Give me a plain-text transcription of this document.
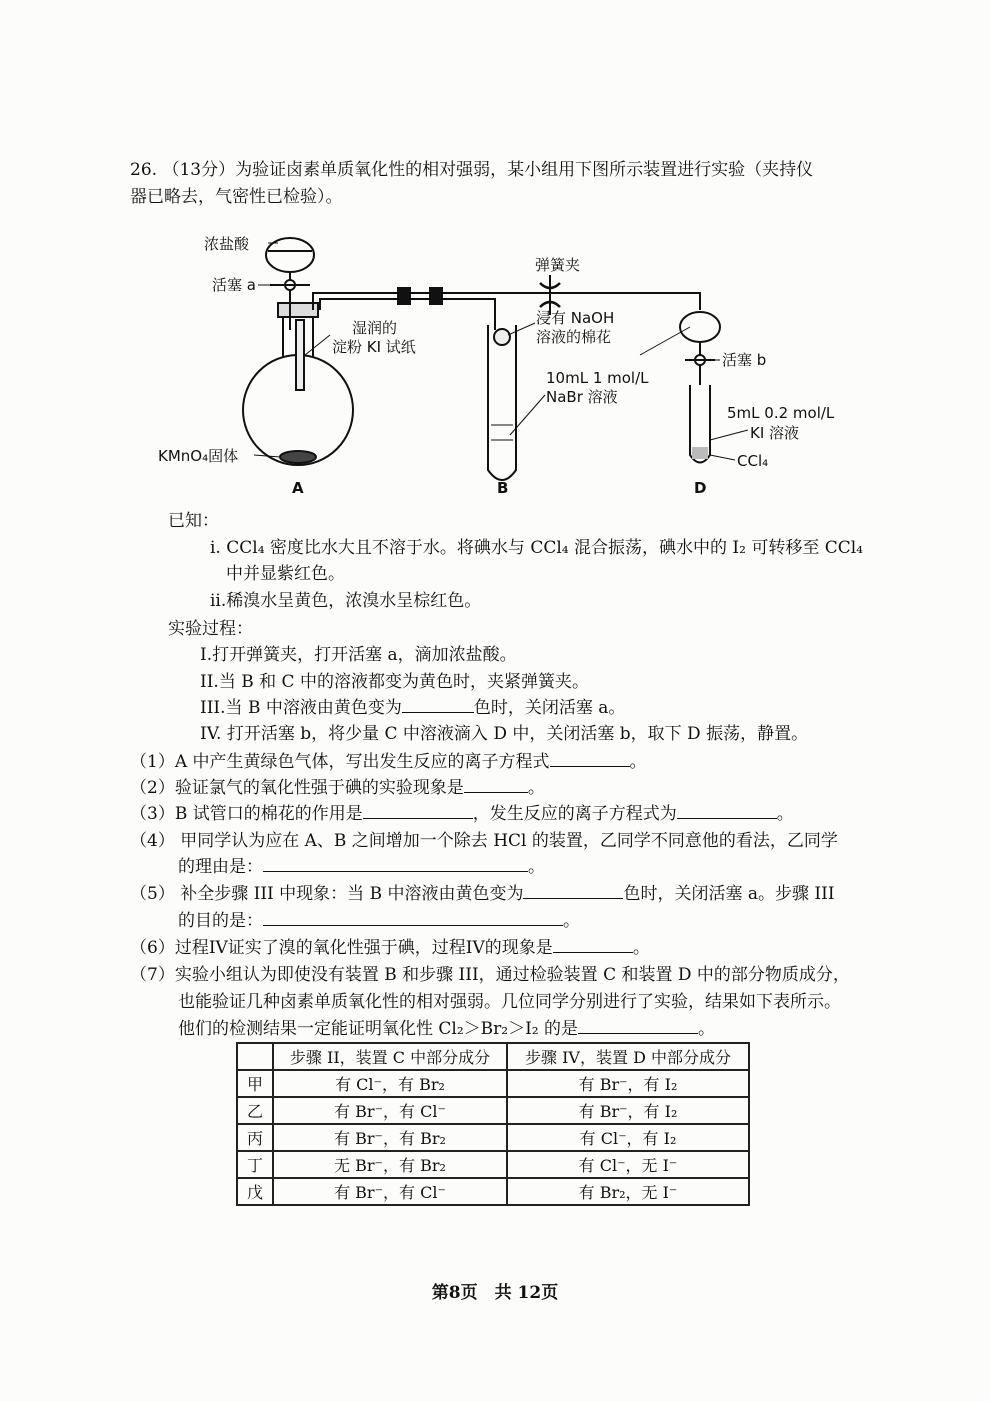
26. （13分）为验证卤素单质氧化性的相对强弱，某小组用下图所示装置进行实验（夹持仪
器已略去，气密性已检验）。
浓盐酸
活塞 a
湿润的
淀粉 KI 试纸
KMnO₄固体
弹簧夹
浸有 NaOH
溶液的棉花
10mL 1 mol/L
NaBr 溶液
活塞 b
5mL 0.2 mol/L
KI 溶液
CCl₄
A	B	D
已知：
i. CCl₄ 密度比水大且不溶于水。将碘水与 CCl₄ 混合振荡，碘水中的 I₂ 可转移至 CCl₄
中并显紫红色。
ii.稀溴水呈黄色，浓溴水呈棕红色。
实验过程：
I.打开弹簧夹，打开活塞 a，滴加浓盐酸。
II.当 B 和 C 中的溶液都变为黄色时，夹紧弹簧夹。
III.当 B 中溶液由黄色变为	色时，关闭活塞 a。
IV. 打开活塞 b，将少量 C 中溶液滴入 D 中，关闭活塞 b，取下 D 振荡，静置。
（1）A 中产生黄绿色气体，写出发生反应的离子方程式	。
（2）验证氯气的氧化性强于碘的实验现象是	。
（3）B 试管口的棉花的作用是	，发生反应的离子方程式为	。
（4） 甲同学认为应在 A、B 之间增加一个除去 HCl 的装置，乙同学不同意他的看法，乙同学
的理由是：	。
（5） 补全步骤 III 中现象：当 B 中溶液由黄色变为	色时，关闭活塞 a。步骤 III
的目的是：	。
（6）过程IV证实了溴的氧化性强于碘，过程IV的现象是	。
（7）实验小组认为即使没有装置 B 和步骤 III，通过检验装置 C 和装置 D 中的部分物质成分，
也能验证几种卤素单质氧化性的相对强弱。几位同学分别进行了实验，结果如下表所示。
他们的检测结果一定能证明氧化性 Cl₂＞Br₂＞I₂ 的是	。
	步骤 II，装置 C 中部分成分	步骤 IV，装置 D 中部分成分
甲	有 Cl⁻，有 Br₂	有 Br⁻，有 I₂
乙	有 Br⁻，有 Cl⁻	有 Br⁻，有 I₂
丙	有 Br⁻，有 Br₂	有 Cl⁻，有 I₂
丁	无 Br⁻，有 Br₂	有 Cl⁻，无 I⁻
戊	有 Br⁻，有 Cl⁻	有 Br₂，无 I⁻
第8页　共 12页
